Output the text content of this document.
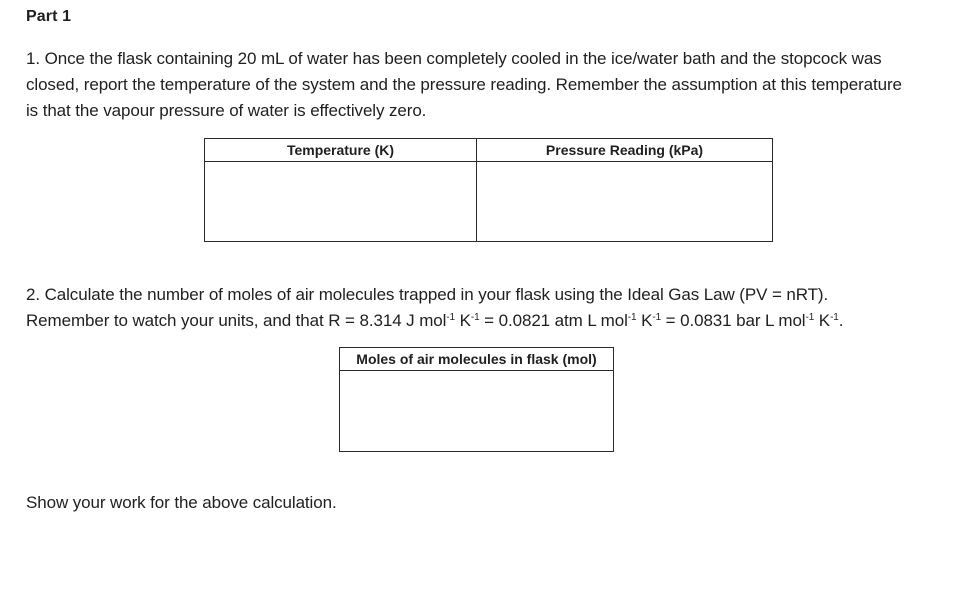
Part 1
1. Once the flask containing 20 mL of water has been completely cooled in the ice/water bath and the stopcock was closed, report the temperature of the system and the pressure reading. Remember the assumption at this temperature is that the vapour pressure of water is effectively zero.
Temperature (K)	Pressure Reading (kPa)

2. Calculate the number of moles of air molecules trapped in your flask using the Ideal Gas Law (PV = nRT).
Remember to watch your units, and that R = 8.314 J mol$^{-1}$ $K^{-1} = 0.0821$ atm L mol$^{-1}$ $K^{-1} = 0.0831$ bar L mol$^{-1}$ $K^{-1}$.
Moles of air molecules in flask (mol)

Show your work for the above calculation.
